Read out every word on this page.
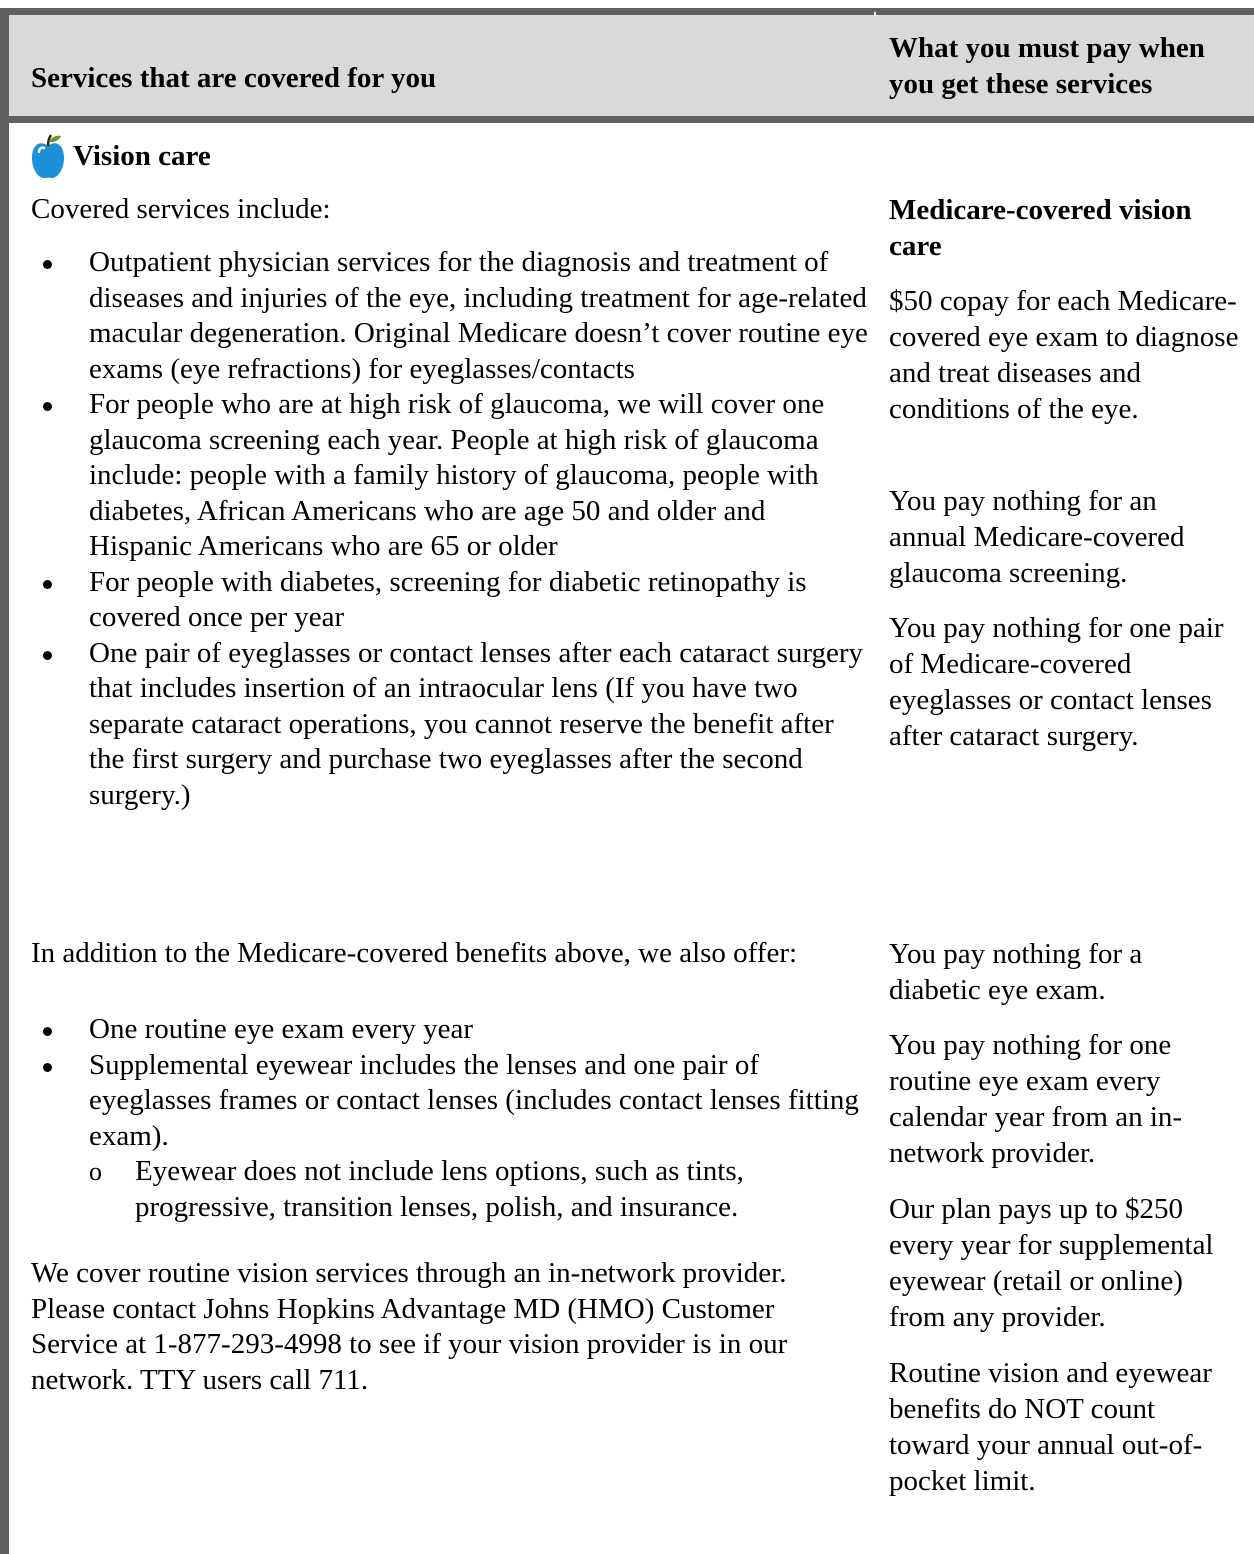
Services that are covered for you
What you must pay when
you get these services
Vision care

Covered services include:

Outpatient physician services for the diagnosis and treatment of diseases and injuries of the eye, including treatment for age-related macular degeneration. Original Medicare doesn’t cover routine eye exams (eye refractions) for eyeglasses/contacts
For people who are at high risk of glaucoma, we will cover one glaucoma screening each year. People at high risk of glaucoma include: people with a family history of glaucoma, people with diabetes, African Americans who are age 50 and older and Hispanic Americans who are 65 or older
For people with diabetes, screening for diabetic retinopathy is covered once per year
One pair of eyeglasses or contact lenses after each cataract surgery that includes insertion of an intraocular lens (If you have two separate cataract operations, you cannot reserve the benefit after the first surgery and purchase two eyeglasses after the second surgery.)

In addition to the Medicare-covered benefits above, we also offer:

One routine eye exam every year
Supplemental eyewear includes the lenses and one pair of eyeglasses frames or contact lenses (includes contact lenses fitting exam).
o Eyewear does not include lens options, such as tints, progressive, transition lenses, polish, and insurance.

We cover routine vision services through an in-network provider. Please contact Johns Hopkins Advantage MD (HMO) Customer Service at 1-877-293-4998 to see if your vision provider is in our network. TTY users call 711.

Medicare-covered vision care

$50 copay for each Medicare-covered eye exam to diagnose and treat diseases and conditions of the eye.

You pay nothing for an annual Medicare-covered glaucoma screening.

You pay nothing for one pair of Medicare-covered eyeglasses or contact lenses after cataract surgery.

You pay nothing for a diabetic eye exam.

You pay nothing for one routine eye exam every calendar year from an in-network provider.

Our plan pays up to $250 every year for supplemental eyewear (retail or online) from any provider.

Routine vision and eyewear benefits do NOT count toward your annual out-of-pocket limit.
